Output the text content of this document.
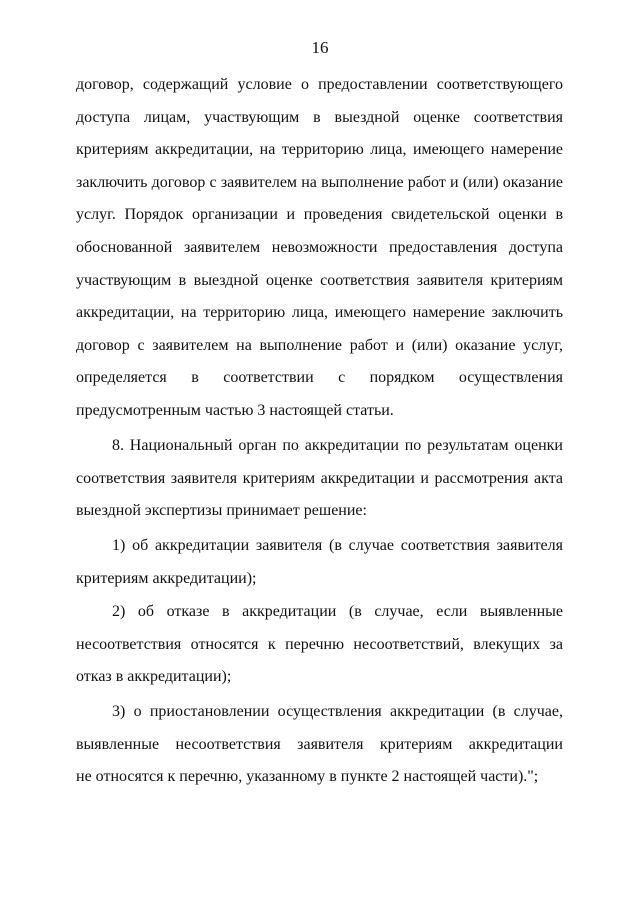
16
договор, содержащий условие о предоставлении соответствующего
доступа лицам, участвующим в выездной оценке соответствия
критериям аккредитации, на территорию лица, имеющего намерение
заключить договор с заявителем на выполнение работ и (или) оказание
услуг. Порядок организации и проведения свидетельской оценки в
обоснованной заявителем невозможности предоставления доступа
участвующим в выездной оценке соответствия заявителя критериям
аккредитации, на территорию лица, имеющего намерение заключить
договор с заявителем на выполнение работ и (или) оказание услуг,
определяется в соответствии с порядком осуществления
предусмотренным частью 3 настоящей статьи.
8. Национальный орган по аккредитации по результатам оценки
соответствия заявителя критериям аккредитации и рассмотрения акта
выездной экспертизы принимает решение:
1) об аккредитации заявителя (в случае соответствия заявителя
критериям аккредитации);
2) об отказе в аккредитации (в случае, если выявленные
несоответствия относятся к перечню несоответствий, влекущих за
отказ в аккредитации);
3) о приостановлении осуществления аккредитации (в случае,
выявленные несоответствия заявителя критериям аккредитации
не относятся к перечню, указанному в пункте 2 настоящей части).";
